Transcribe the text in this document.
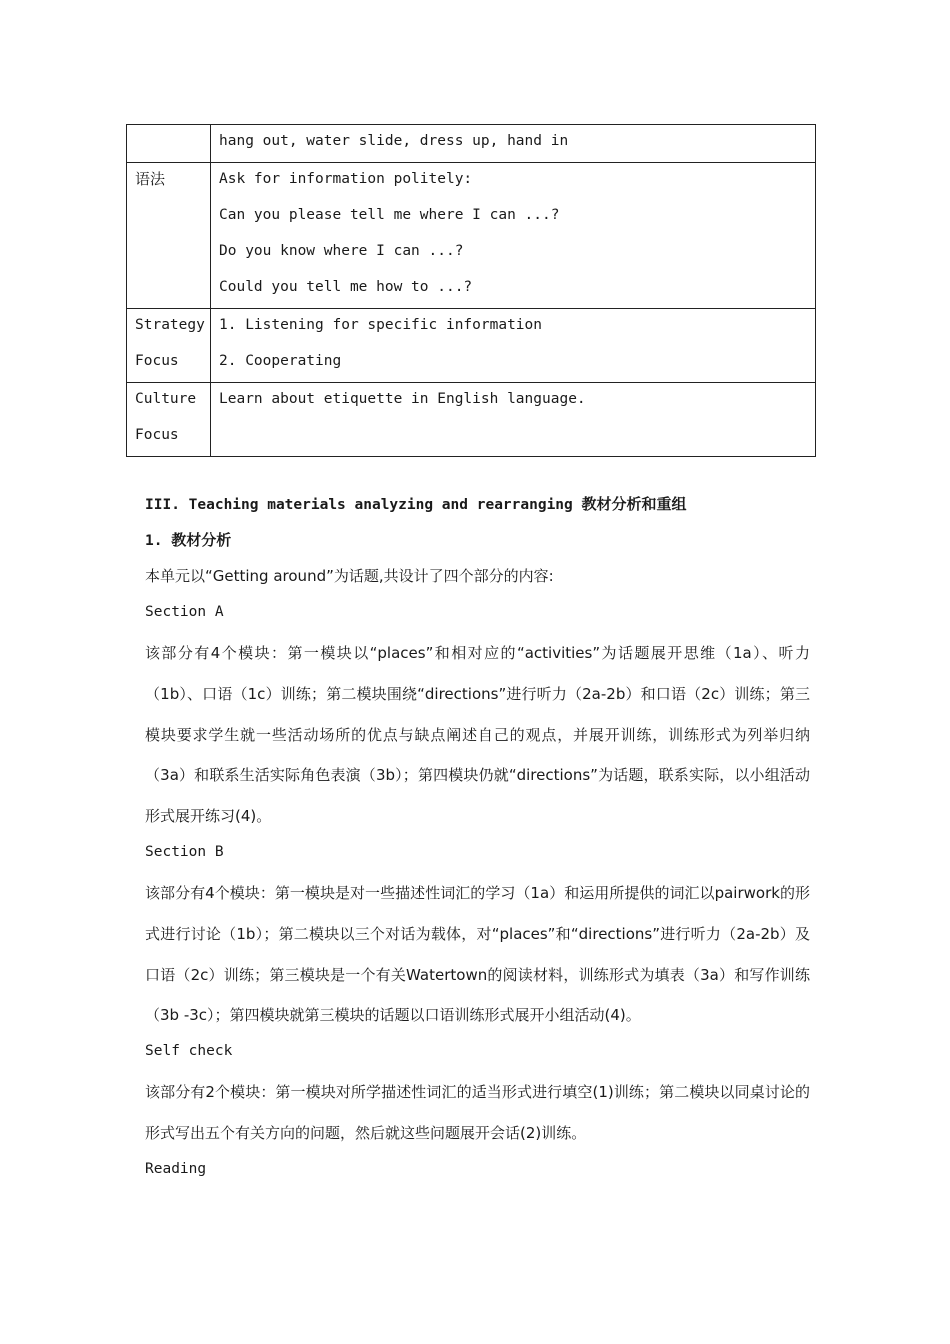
	hang out, water slide, dress up, hand in

语法	Ask for information politely:
Can you please tell me where I can ...?
Do you know where I can ...?
Could you tell me how to ...?

Strategy
Focus	1. Listening for specific information
2. Cooperating

Culture
Focus	Learn about etiquette in English language.
III. Teaching materials analyzing and rearranging 教材分析和重组
1. 教材分析
本单元以“Getting around”为话题,共设计了四个部分的内容:
Section A

该部分有4个模块：第一模块以“places”和相对应的“activities”为话题展开思维（1a）、听力（1b）、口语（1c）训练；第二模块围绕“directions”进行听力（2a-2b）和口语（2c）训练；第三模块要求学生就一些活动场所的优点与缺点阐述自己的观点，并展开训练，训练形式为列举归纳（3a）和联系生活实际角色表演（3b）；第四模块仍就“directions”为话题，联系实际，以小组活动形式展开练习(4)。

Section B

该部分有4个模块：第一模块是对一些描述性词汇的学习（1a）和运用所提供的词汇以pairwork的形式进行讨论（1b）；第二模块以三个对话为载体，对“places”和“directions”进行听力（2a-2b）及口语（2c）训练；第三模块是一个有关Watertown的阅读材料，训练形式为填表（3a）和写作训练（3b -3c）；第四模块就第三模块的话题以口语训练形式展开小组活动(4)。

Self check

该部分有2个模块：第一模块对所学描述性词汇的适当形式进行填空(1)训练；第二模块以同桌讨论的形式写出五个有关方向的问题，然后就这些问题展开会话(2)训练。

Reading
